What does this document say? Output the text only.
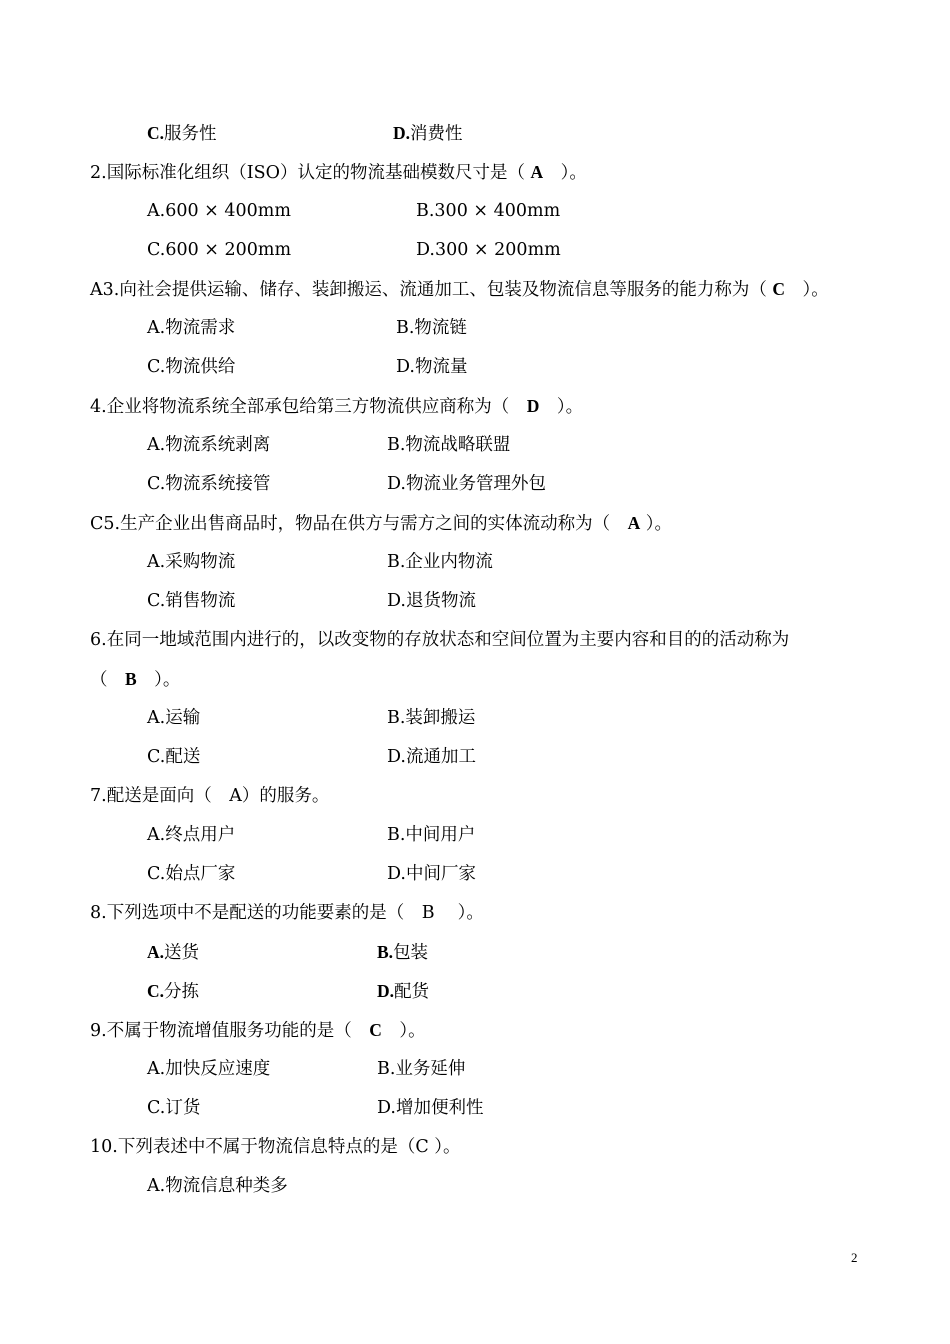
C.服务性	D.消费性
2.国际标准化组织（ISO）认定的物流基础模数尺寸是（ A　）。
A.600 × 400mm	B.300 × 400mm
C.600 × 200mm	D.300 × 200mm
A3.向社会提供运输、储存、装卸搬运、流通加工、包装及物流信息等服务的能力称为（ C　）。
A.物流需求	B.物流链
C.物流供给	D.物流量
4.企业将物流系统全部承包给第三方物流供应商称为（　D　）。
A.物流系统剥离	B.物流战略联盟
C.物流系统接管	D.物流业务管理外包
C5.生产企业出售商品时，物品在供方与需方之间的实体流动称为（　A ）。
A.采购物流	B.企业内物流
C.销售物流	D.退货物流
6.在同一地域范围内进行的，以改变物的存放状态和空间位置为主要内容和目的的活动称为
（　B　）。
A.运输	B.装卸搬运
C.配送	D.流通加工
7.配送是面向（　A）的服务。
A.终点用户	B.中间用户
C.始点厂家	D.中间厂家
8.下列选项中不是配送的功能要素的是（　B　 ）。
A.送货	B.包装
C.分拣	D.配货
9.不属于物流增值服务功能的是（　C　）。
A.加快反应速度	B.业务延伸
C.订货	D.增加便利性
10.下列表述中不属于物流信息特点的是（C ）。
A.物流信息种类多
2
